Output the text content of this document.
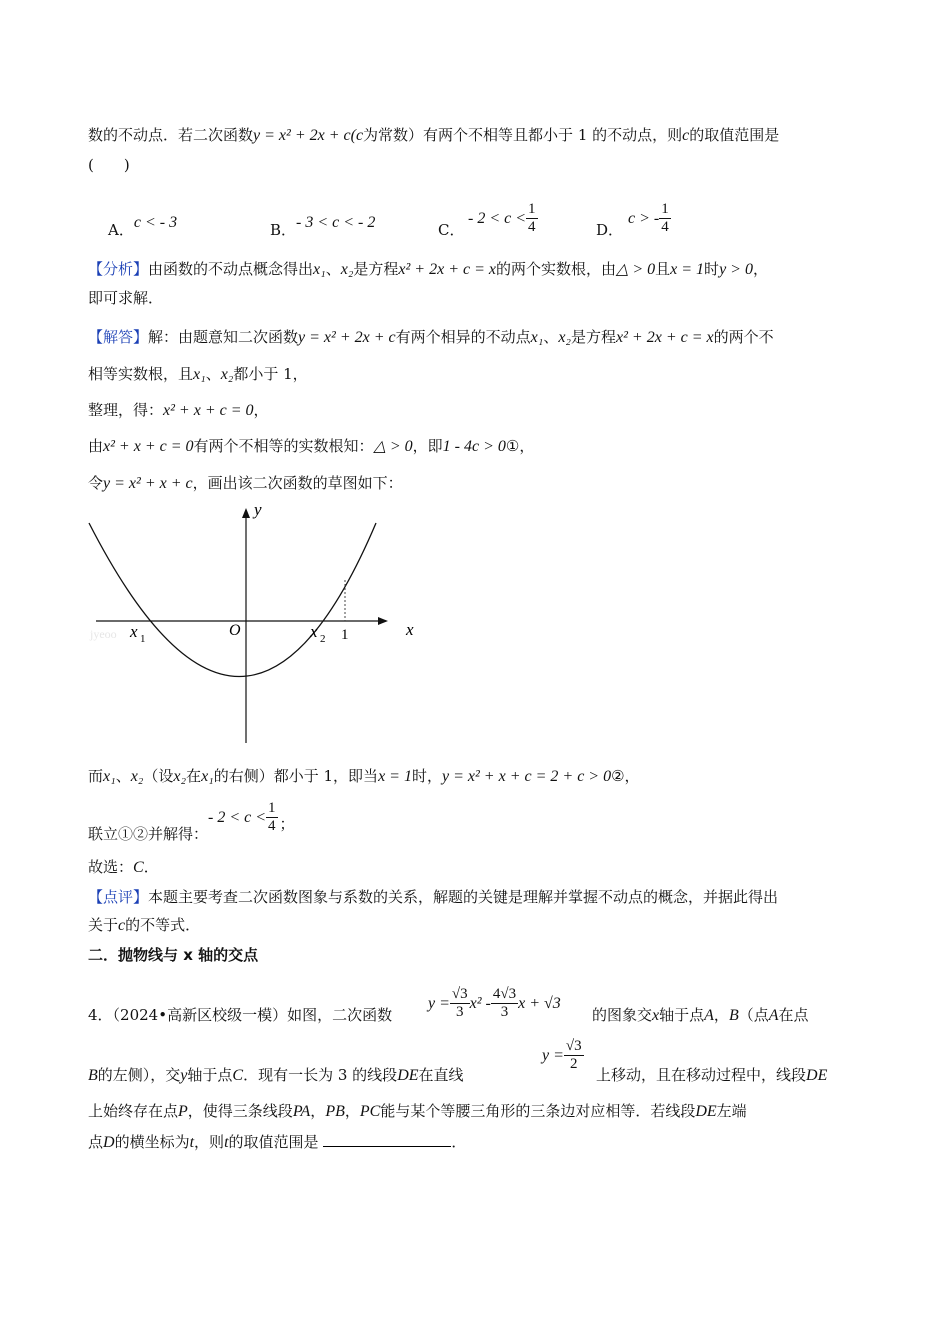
数的不动点．若二次函数y = x² + 2x + c(c为常数）有两个不相等且都小于 1 的不动点，则c的取值范围是
(　　)
A．c < - 3	B．- 3 < c < - 2	C．
- $2 < c < \frac{1}{4}$	D．
c > - $\frac{1}{4}$
【分析】由函数的不动点概念得出x₁、x₂是方程x² + 2x + c = x的两个实数根，由△ > 0且x = 1时y > 0，
即可求解．
【解答】解：由题意知二次函数y = x² + 2x + c有两个相异的不动点x₁、x₂是方程x² + 2x + c = x的两个不
相等实数根，且x₁、x₂都小于 1，
整理，得：x² + x + c = 0，
由x² + x + c = 0有两个不相等的实数根知：△ > 0，即1 - 4c > 0①，
令y = x² + x + c，画出该二次函数的草图如下：
jyeoo
y
x
O
x 1	x 2 1
而x₁、x₂（设x₂在x₁的右侧）都小于 1，即当x = 1时，y = x² + x + c = 2 + c > 0②，
联立①②并解得：
- $2 < c < \frac{1}{4}$ ；
故选：C．
【点评】本题主要考查二次函数图象与系数的关系，解题的关键是理解并掌握不动点的概念，并据此得出
关于c的不等式．
二．抛物线与 x 轴的交点
4．（2024•高新区校级一模）如图，二次函数
$y = \frac{√3}{3} x^2 - \frac{4√3}{3}$ x + √3
的图象交x轴于点A，B（点A在点
B的左侧），交y轴于点C．现有一长为 3 的线段DE在直线
$y = \frac{√3}{2}$
上移动，且在移动过程中，线段DE
上始终存在点P，使得三条线段PA，PB，PC能与某个等腰三角形的三条边对应相等．若线段DE左端
点D的横坐标为t，则t的取值范围是	．
